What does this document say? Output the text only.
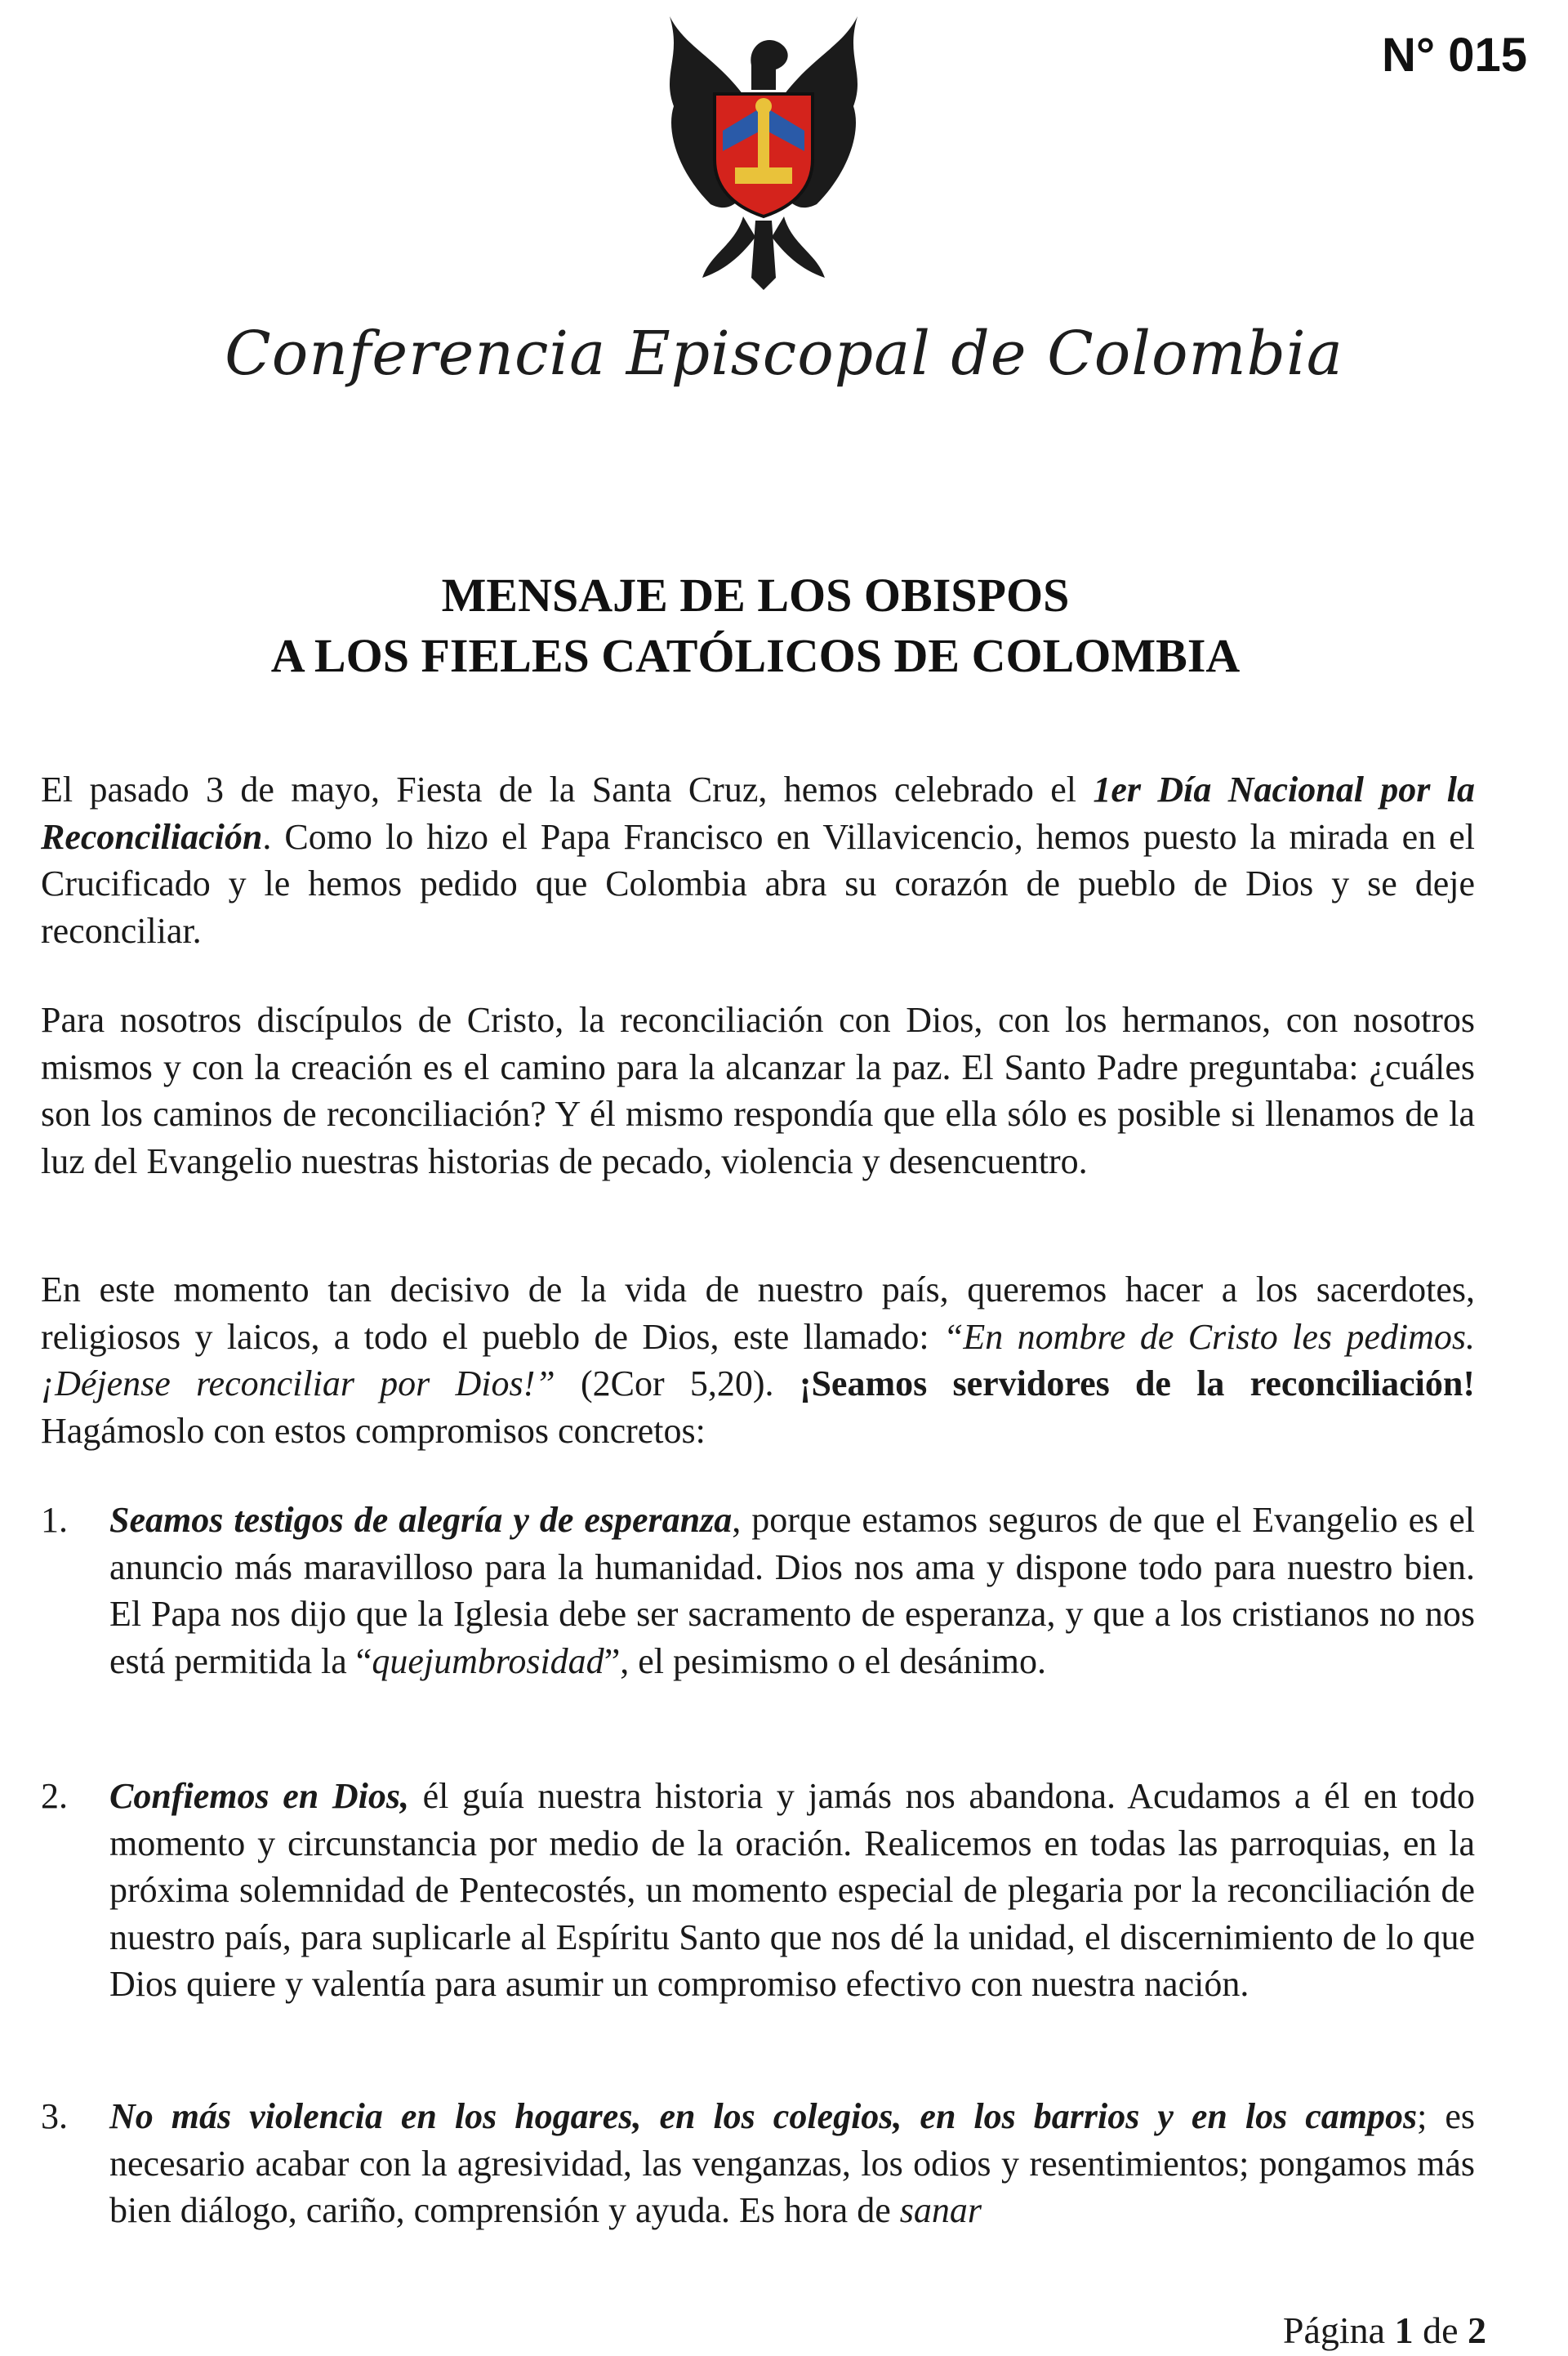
N° 015
Conferencia Episcopal de Colombia
MENSAJE DE LOS OBISPOS
A LOS FIELES CATÓLICOS DE COLOMBIA
El pasado 3 de mayo, Fiesta de la Santa Cruz, hemos celebrado el 1er Día Nacional por la Reconciliación. Como lo hizo el Papa Francisco en Villavicencio, hemos puesto la mirada en el Crucificado y le hemos pedido que Colombia abra su corazón de pueblo de Dios y se deje reconciliar.
Para nosotros discípulos de Cristo, la reconciliación con Dios, con los hermanos, con nosotros mismos y con la creación es el camino para la alcanzar la paz. El Santo Padre preguntaba: ¿cuáles son los caminos de reconciliación? Y él mismo respondía que ella sólo es posible si llenamos de la luz del Evangelio nuestras historias de pecado, violencia y desencuentro.
En este momento tan decisivo de la vida de nuestro país, queremos hacer a los sacerdotes, religiosos y laicos, a todo el pueblo de Dios, este llamado: “En nombre de Cristo les pedimos. ¡Déjense reconciliar por Dios!” (2Cor 5,20). ¡Seamos servidores de la reconciliación! Hagámoslo con estos compromisos concretos:
1.	Seamos testigos de alegría y de esperanza, porque estamos seguros de que el Evangelio es el anuncio más maravilloso para la humanidad. Dios nos ama y dispone todo para nuestro bien. El Papa nos dijo que la Iglesia debe ser sacramento de esperanza, y que a los cristianos no nos está permitida la “quejumbrosidad”, el pesimismo o el desánimo.
2.	Confiemos en Dios, él guía nuestra historia y jamás nos abandona. Acudamos a él en todo momento y circunstancia por medio de la oración. Realicemos en todas las parroquias, en la próxima solemnidad de Pentecostés, un momento especial de plegaria por la reconciliación de nuestro país, para suplicarle al Espíritu Santo que nos dé la unidad, el discernimiento de lo que Dios quiere y valentía para asumir un compromiso efectivo con nuestra nación.
3.	No más violencia en los hogares, en los colegios, en los barrios y en los campos; es necesario acabar con la agresividad, las venganzas, los odios y resentimientos; pongamos más bien diálogo, cariño, comprensión y ayuda. Es hora de sanar
Página 1 de 2
